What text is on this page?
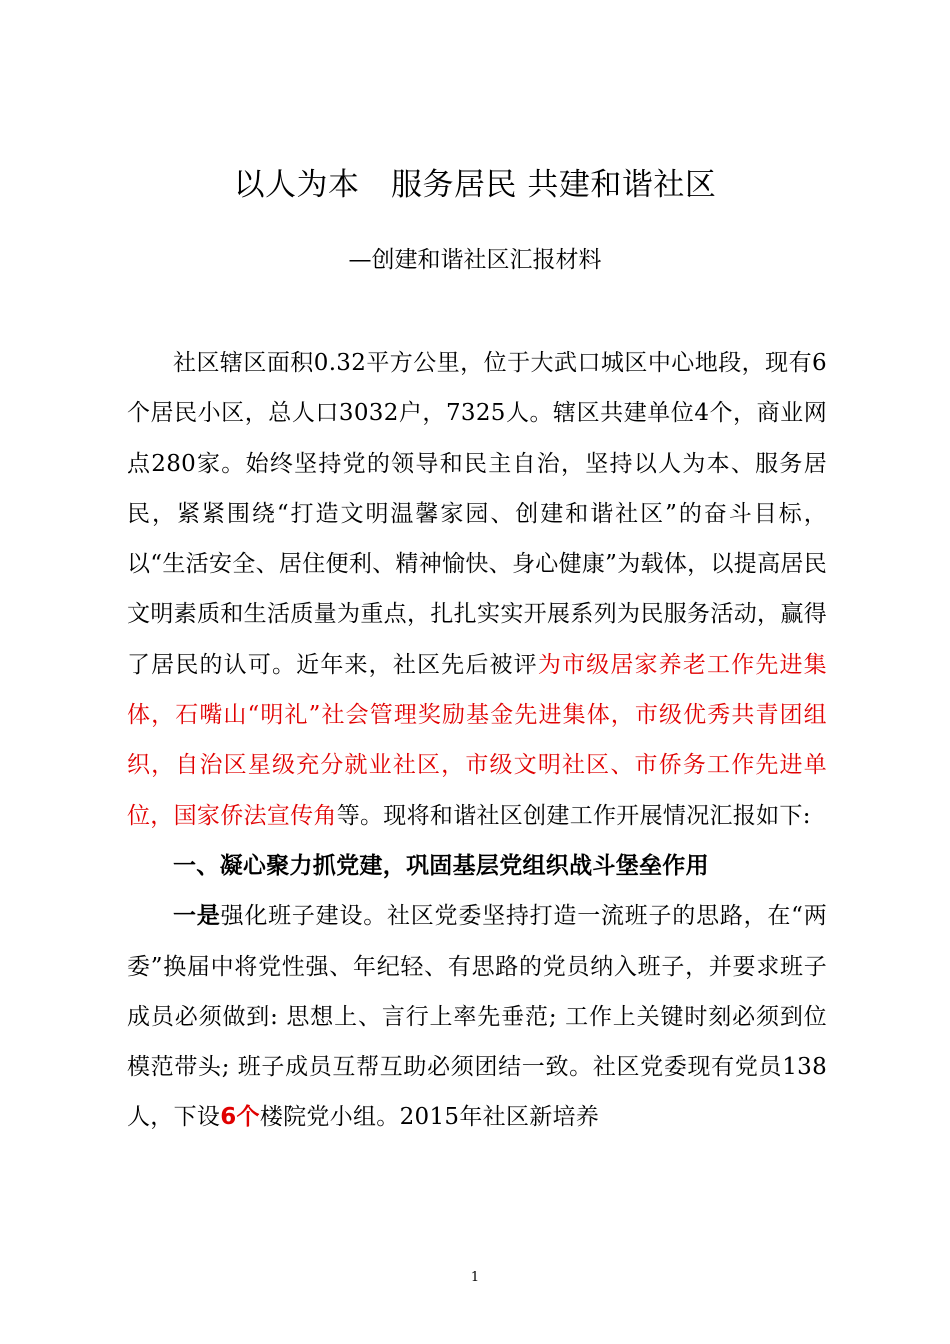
以人为本　服务居民 共建和谐社区
—创建和谐社区汇报材料

社区辖区面积0.32平方公里，位于大武口城区中心地段，现有6个居民小区，总人口3032户，7325人。辖区共建单位4个，商业网点280家。始终坚持党的领导和民主自治，坚持以人为本、服务居民，紧紧围绕“打造文明温馨家园、创建和谐社区”的奋斗目标，以“生活安全、居住便利、精神愉快、身心健康”为载体，以提高居民文明素质和生活质量为重点，扎扎实实开展系列为民服务活动，赢得了居民的认可。近年来，社区先后被评为市级居家养老工作先进集体，石嘴山“明礼”社会管理奖励基金先进集体，市级优秀共青团组织，自治区星级充分就业社区，市级文明社区、市侨务工作先进单位，国家侨法宣传角等。现将和谐社区创建工作开展情况汇报如下:

一、凝心聚力抓党建，巩固基层党组织战斗堡垒作用

一是强化班子建设。社区党委坚持打造一流班子的思路，在“两委”换届中将党性强、年纪轻、有思路的党员纳入班子，并要求班子成员必须做到: 思想上、言行上率先垂范; 工作上关键时刻必须到位模范带头; 班子成员互帮互助必须团结一致。社区党委现有党员138人，下设6个楼院党小组。2015年社区新培养

1
